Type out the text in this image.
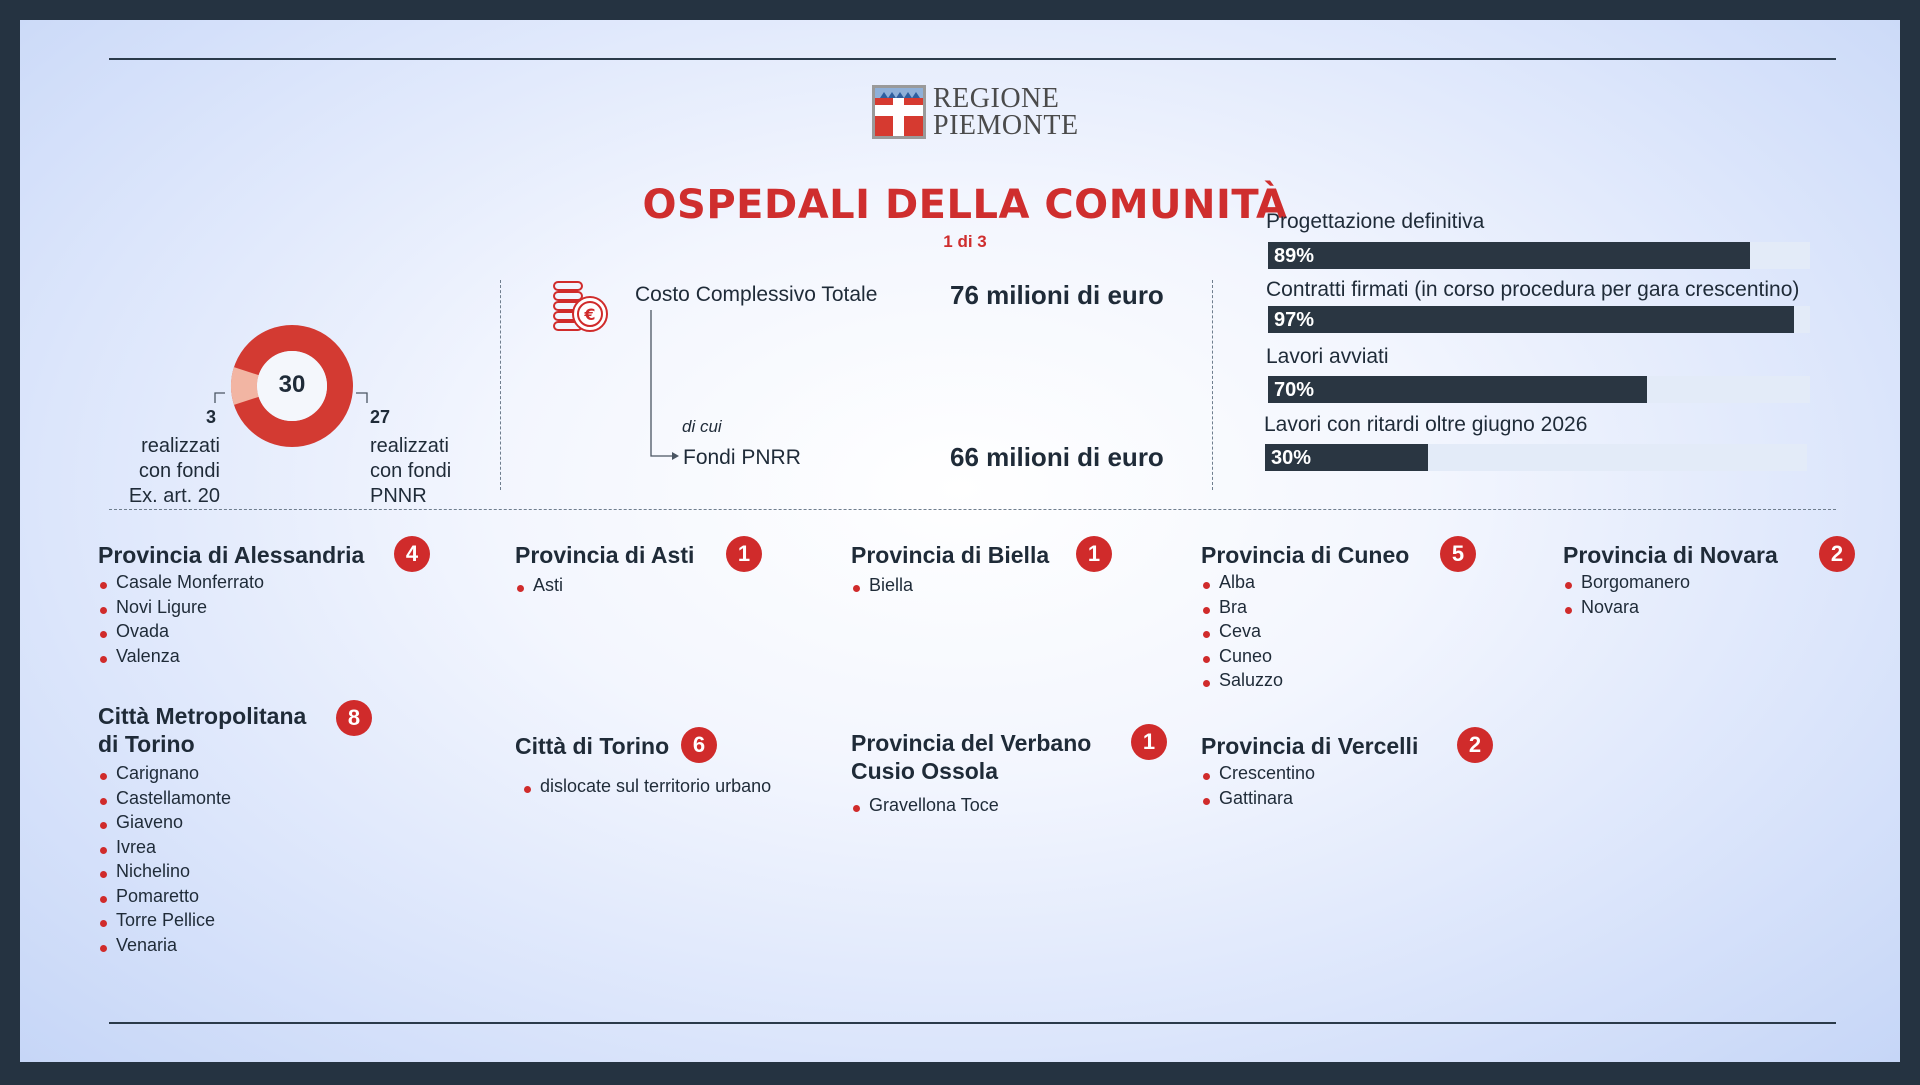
REGIONE
PIEMONTE
OSPEDALI DELLA COMUNITÀ
1 di 3
30
3
realizzati
con fondi
Ex. art. 20
27
realizzati
con fondi
PNNR
€
Costo Complessivo Totale	76 milioni di euro
di cui
Fondi PNRR	66 milioni di euro
Progettazione definitiva
89%
Contratti firmati (in corso procedura per gara crescentino)
97%
Lavori avviati
70%
Lavori con ritardi oltre giugno 2026
30%
Provincia di Alessandria	4
Casale Monferrato
Novi Ligure
Ovada
Valenza
Provincia di Asti	1
Asti
Provincia di Biella	1
Biella
Provincia di Cuneo	5
Alba
Bra
Ceva
Cuneo
Saluzzo
Provincia di Novara	2
Borgomanero
Novara
Città Metropolitana
di Torino
8
Carignano
Castellamonte
Giaveno
Ivrea
Nichelino
Pomaretto
Torre Pellice
Venaria
Città di Torino	6
dislocate sul territorio urbano
Provincia del Verbano
Cusio Ossola
1
Gravellona Toce
Provincia di Vercelli	2
Crescentino
Gattinara
